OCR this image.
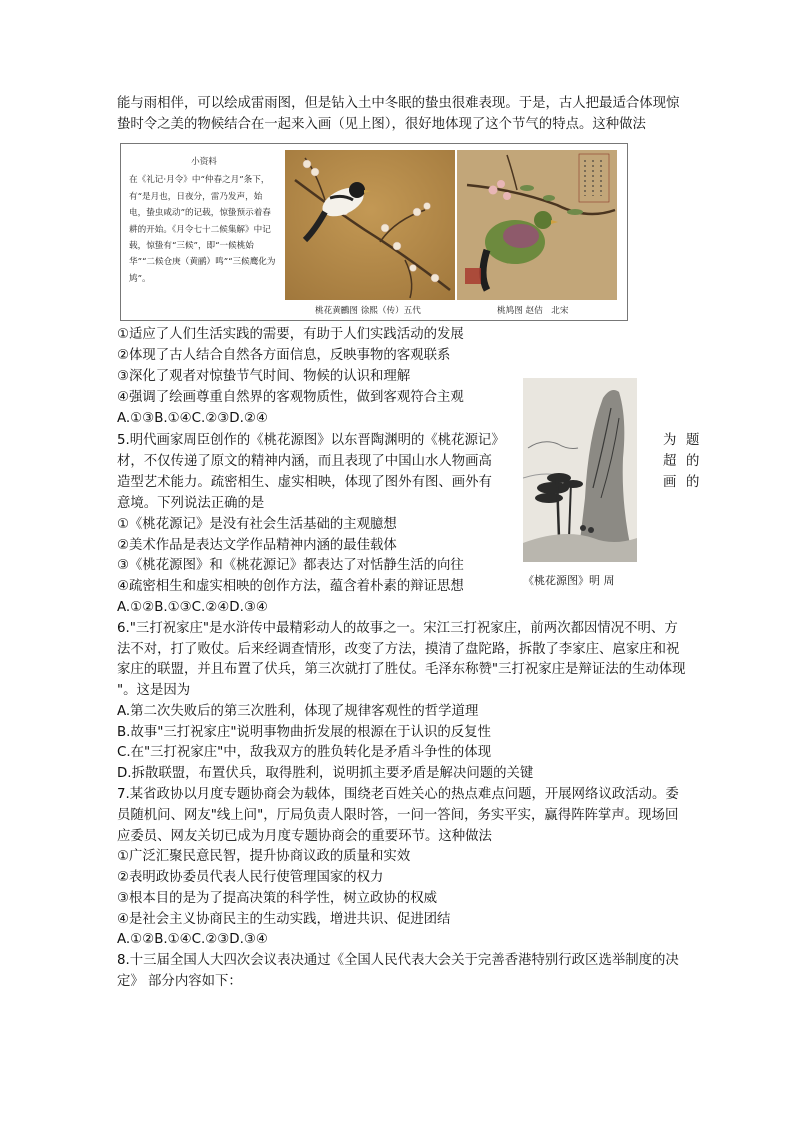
能与雨相伴，可以绘成雷雨图，但是钻入土中冬眠的蛰虫很难表现。于是，古人把最适合体现惊
蛰时令之美的物候结合在一起来入画（见上图），很好地体现了这个节气的特点。这种做法
小资料
在《礼记·月令》中“仲春之月”条下，有“是月也，日夜分，雷乃发声，始电，蛰虫咸动”的记载，惊蛰预示着春耕的开始。《月令七十二候集解》中记载，惊蛰有“三候”，即“一候桃始华”“二候仓庚（黄鹂）鸣”“三候鹰化为鸠”。
桃花黄鸝图 徐熙（传）五代	桃鸠图 赵佶　北宋
①适应了人们生活实践的需要，有助于人们实践活动的发展
②体现了古人结合自然各方面信息，反映事物的客观联系
③深化了观者对惊蛰节气时间、物候的认识和理解
④强调了绘画尊重自然界的客观物质性，做到客观符合主观
A.①③B.①④C.②③D.②④
《桃花源图》明 周
5.明代画家周臣创作的《桃花源图》以东晋陶渊明的《桃花源记》	为 题
材，不仅传递了原文的精神内涵，而且表现了中国山水人物画高	超 的
造型艺术能力。疏密相生、虚实相映，体现了图外有图、画外有	画 的
意境。下列说法正确的是
①《桃花源记》是没有社会生活基础的主观臆想
②美术作品是表达文学作品精神内涵的最佳载体
③《桃花源图》和《桃花源记》都表达了对恬静生活的向往
④疏密相生和虚实相映的创作方法，蕴含着朴素的辩证思想
A.①②B.①③C.②④D.③④
6."三打祝家庄"是水浒传中最精彩动人的故事之一。宋江三打祝家庄，前两次都因情况不明、方
法不对，打了败仗。后来经调查情形，改变了方法，摸清了盘陀路，拆散了李家庄、扈家庄和祝
家庄的联盟，并且布置了伏兵，第三次就打了胜仗。毛泽东称赞"三打祝家庄是辩证法的生动体现
"。这是因为
A.第二次失败后的第三次胜利，体现了规律客观性的哲学道理
B.故事"三打祝家庄"说明事物曲折发展的根源在于认识的反复性
C.在"三打祝家庄"中，敌我双方的胜负转化是矛盾斗争性的体现
D.拆散联盟，布置伏兵，取得胜利，说明抓主要矛盾是解决问题的关键
7.某省政协以月度专题协商会为载体，围绕老百姓关心的热点难点问题，开展网络议政活动。委
员随机问、网友"线上问"，厅局负责人限时答，一问一答间，务实平实，赢得阵阵掌声。现场回
应委员、网友关切已成为月度专题协商会的重要环节。这种做法
①广泛汇聚民意民智，提升协商议政的质量和实效
②表明政协委员代表人民行使管理国家的权力
③根本目的是为了提高决策的科学性，树立政协的权威
④是社会主义协商民主的生动实践，增进共识、促进团结
A.①②B.①④C.②③D.③④
8.十三届全国人大四次会议表决通过《全国人民代表大会关于完善香港特别行政区选举制度的决
定》 部分内容如下：
